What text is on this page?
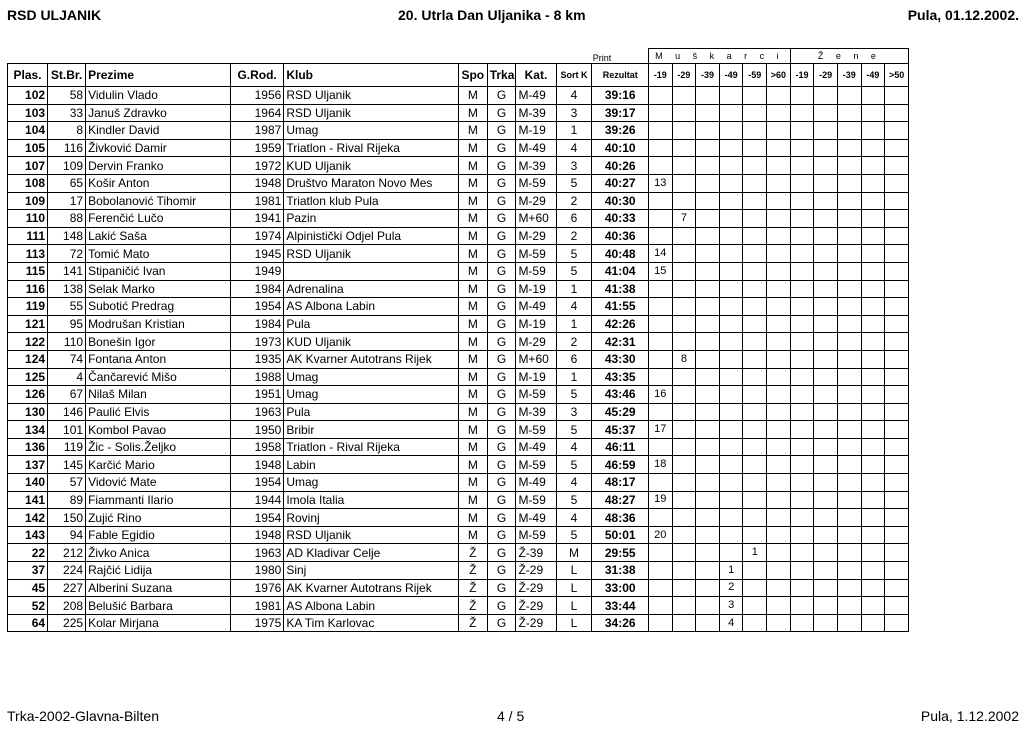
RSD ULJANIK	20. Utrla Dan Uljanika - 8 km	Pula, 01.12.2002.
								Print		M u š k a r c i						Ž e n e				
Plas.	St.Br.	Prezime	G.Rod.	Klub	Spo	Trka	Kat.	Sort K	Rezultat	-19	-29	-39	-49	-59	>60	-19	-29	-39	-49	>50
102	58	Vidulin Vlado	1956	RSD Uljanik	M	G	M-49	4	39:16											
103	33	Januš Zdravko	1964	RSD Uljanik	M	G	M-39	3	39:17											
104	8	Kindler David	1987	Umag	M	G	M-19	1	39:26											
105	116	Živković Damir	1959	Triatlon - Rival Rijeka	M	G	M-49	4	40:10											
107	109	Dervin Franko	1972	KUD Uljanik	M	G	M-39	3	40:26											
108	65	Košir Anton	1948	Društvo Maraton Novo Mes	M	G	M-59	5	40:27	13										
109	17	Bobolanović Tihomir	1981	Triatlon klub Pula	M	G	M-29	2	40:30											
110	88	Ferenčić Lučo	1941	Pazin	M	G	M+60	6	40:33		7									
111	148	Lakić Saša	1974	Alpinistički Odjel Pula	M	G	M-29	2	40:36											
113	72	Tomić Mato	1945	RSD Uljanik	M	G	M-59	5	40:48	14										
115	141	Stipaničić Ivan	1949		M	G	M-59	5	41:04	15										
116	138	Selak Marko	1984	Adrenalina	M	G	M-19	1	41:38											
119	55	Subotić Predrag	1954	AS Albona Labin	M	G	M-49	4	41:55											
121	95	Modrušan Kristian	1984	Pula	M	G	M-19	1	42:26											
122	110	Bonešin Igor	1973	KUD Uljanik	M	G	M-29	2	42:31											
124	74	Fontana Anton	1935	AK Kvarner Autotrans Rijek	M	G	M+60	6	43:30		8									
125	4	Čančarević Mišo	1988	Umag	M	G	M-19	1	43:35											
126	67	Nilaš Milan	1951	Umag	M	G	M-59	5	43:46	16										
130	146	Paulić Elvis	1963	Pula	M	G	M-39	3	45:29											
134	101	Kombol Pavao	1950	Bribir	M	G	M-59	5	45:37	17										
136	119	Žic - Solis.Željko	1958	Triatlon - Rival Rijeka	M	G	M-49	4	46:11											
137	145	Karčić Mario	1948	Labin	M	G	M-59	5	46:59	18										
140	57	Vidović Mate	1954	Umag	M	G	M-49	4	48:17											
141	89	Fiammanti Ilario	1944	Imola Italia	M	G	M-59	5	48:27	19										
142	150	Zujić Rino	1954	Rovinj	M	G	M-49	4	48:36											
143	94	Fable Egidio	1948	RSD Uljanik	M	G	M-59	5	50:01	20										
22	212	Živko Anica	1963	AD Kladivar Celje	Ž	G	Ž-39	M	29:55					1						
37	224	Rajčić Lidija	1980	Sinj	Ž	G	Ž-29	L	31:38				1							
45	227	Alberini Suzana	1976	AK Kvarner Autotrans Rijek	Ž	G	Ž-29	L	33:00				2							
52	208	Belušić Barbara	1981	AS Albona Labin	Ž	G	Ž-29	L	33:44				3							
64	225	Kolar Mirjana	1975	KA Tim Karlovac	Ž	G	Ž-29	L	34:26				4							
Trka-2002-Glavna-Bilten	4 / 5	Pula, 1.12.2002
